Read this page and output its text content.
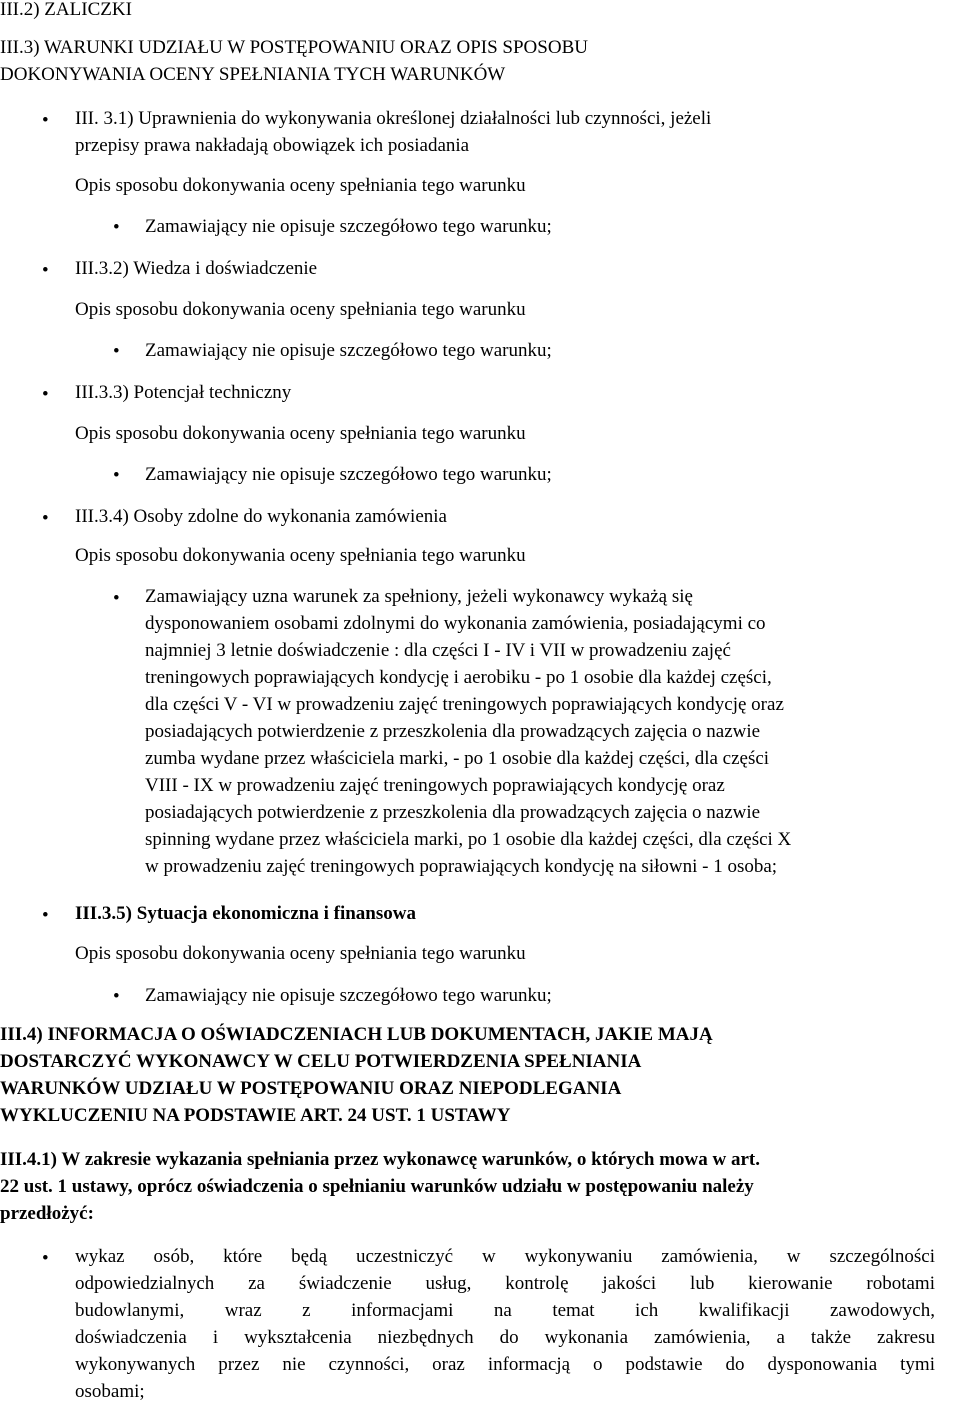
III.2) ZALICZKI

III.3) WARUNKI UDZIAŁU W POSTĘPOWANIU ORAZ OPIS SPOSOBU

DOKONYWANIA OCENY SPEŁNIANIA TYCH WARUNKÓW

• III. 3.1) Uprawnienia do wykonywania określonej działalności lub czynności, jeżeli

przepisy prawa nakładają obowiązek ich posiadania

Opis sposobu dokonywania oceny spełniania tego warunku

• Zamawiający nie opisuje szczegółowo tego warunku;

• III.3.2) Wiedza i doświadczenie

Opis sposobu dokonywania oceny spełniania tego warunku

• Zamawiający nie opisuje szczegółowo tego warunku;

• III.3.3) Potencjał techniczny

Opis sposobu dokonywania oceny spełniania tego warunku

• Zamawiający nie opisuje szczegółowo tego warunku;

• III.3.4) Osoby zdolne do wykonania zamówienia

Opis sposobu dokonywania oceny spełniania tego warunku

• Zamawiający uzna warunek za spełniony, jeżeli wykonawcy wykażą się

dysponowaniem osobami zdolnymi do wykonania zamówienia, posiadającymi co

najmniej 3 letnie doświadczenie : dla części I - IV i VII w prowadzeniu zajęć

treningowych poprawiających kondycję i aerobiku - po 1 osobie dla każdej części,

dla części V - VI w prowadzeniu zajęć treningowych poprawiających kondycję oraz

posiadających potwierdzenie z przeszkolenia dla prowadzących zajęcia o nazwie

zumba wydane przez właściciela marki, - po 1 osobie dla każdej części, dla części

VIII - IX w prowadzeniu zajęć treningowych poprawiających kondycję oraz

posiadających potwierdzenie z przeszkolenia dla prowadzących zajęcia o nazwie

spinning wydane przez właściciela marki, po 1 osobie dla każdej części, dla części X

w prowadzeniu zajęć treningowych poprawiających kondycję na siłowni - 1 osoba;

• III.3.5) Sytuacja ekonomiczna i finansowa

Opis sposobu dokonywania oceny spełniania tego warunku

• Zamawiający nie opisuje szczegółowo tego warunku;

III.4) INFORMACJA O OŚWIADCZENIACH LUB DOKUMENTACH, JAKIE MAJĄ

DOSTARCZYĆ WYKONAWCY W CELU POTWIERDZENIA SPEŁNIANIA

WARUNKÓW UDZIAŁU W POSTĘPOWANIU ORAZ NIEPODLEGANIA

WYKLUCZENIU NA PODSTAWIE ART. 24 UST. 1 USTAWY

III.4.1) W zakresie wykazania spełniania przez wykonawcę warunków, o których mowa w art.

22 ust. 1 ustawy, oprócz oświadczenia o spełnianiu warunków udziału w postępowaniu należy

przedłożyć:

• wykaz osób, które będą uczestniczyć w wykonywaniu zamówienia, w szczególności

odpowiedzialnych za świadczenie usług, kontrolę jakości lub kierowanie robotami

budowlanymi, wraz z informacjami na temat ich kwalifikacji zawodowych,

doświadczenia i wykształcenia niezbędnych do wykonania zamówienia, a także zakresu

wykonywanych przez nie czynności, oraz informacją o podstawie do dysponowania tymi

osobami;
